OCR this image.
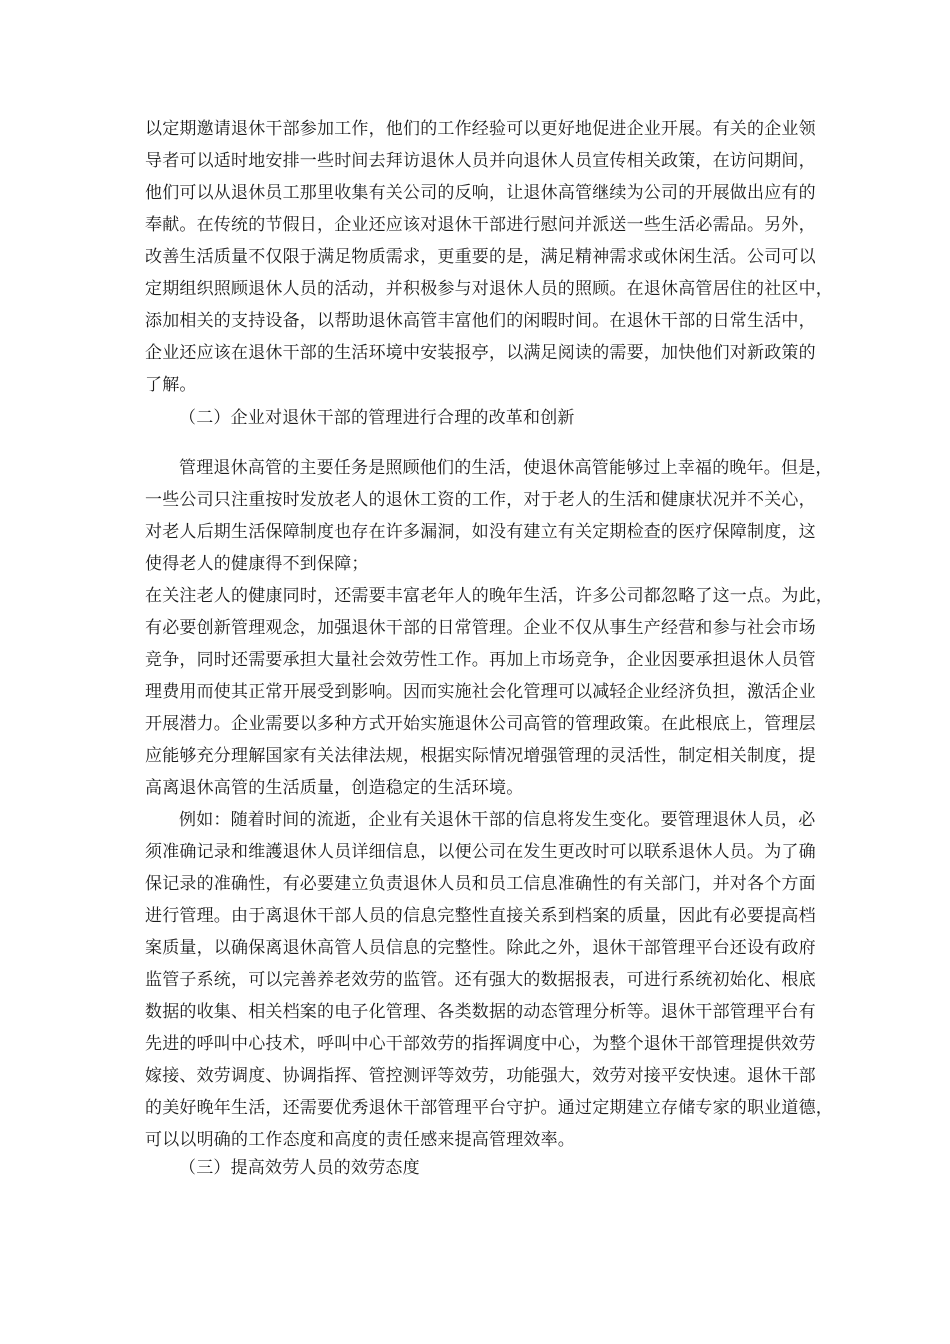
以定期邀请退休干部参加工作，他们的工作经验可以更好地促进企业开展。有关的企业领
导者可以适时地安排一些时间去拜访退休人员并向退休人员宣传相关政策，在访问期间，
他们可以从退休员工那里收集有关公司的反响，让退休高管继续为公司的开展做出应有的
奉献。在传统的节假日，企业还应该对退休干部进行慰问并派送一些生活必需品。另外，
改善生活质量不仅限于满足物质需求，更重要的是，满足精神需求或休闲生活。公司可以
定期组织照顾退休人员的活动，并积极参与对退休人员的照顾。在退休高管居住的社区中，
添加相关的支持设备，以帮助退休高管丰富他们的闲暇时间。在退休干部的日常生活中，
企业还应该在退休干部的生活环境中安装报亭，以满足阅读的需要，加快他们对新政策的
了解。
（二）企业对退休干部的管理进行合理的改革和创新
管理退休高管的主要任务是照顾他们的生活，使退休高管能够过上幸福的晚年。但是，
一些公司只注重按时发放老人的退休工资的工作，对于老人的生活和健康状况并不关心，
对老人后期生活保障制度也存在许多漏洞，如没有建立有关定期检查的医疗保障制度，这
使得老人的健康得不到保障；
在关注老人的健康同时，还需要丰富老年人的晚年生活，许多公司都忽略了这一点。为此，
有必要创新管理观念，加强退休干部的日常管理。企业不仅从事生产经营和参与社会市场
竞争，同时还需要承担大量社会效劳性工作。再加上市场竞争，企业因要承担退休人员管
理费用而使其正常开展受到影响。因而实施社会化管理可以减轻企业经济负担，激活企业
开展潜力。企业需要以多种方式开始实施退休公司高管的管理政策。在此根底上，管理层
应能够充分理解国家有关法律法规，根据实际情况增强管理的灵活性，制定相关制度，提
高离退休高管的生活质量，创造稳定的生活环境。
例如：随着时间的流逝，企业有关退休干部的信息将发生变化。要管理退休人员，必
须准确记录和维護退休人员详细信息，以便公司在发生更改时可以联系退休人员。为了确
保记录的准确性，有必要建立负责退休人员和员工信息准确性的有关部门，并对各个方面
进行管理。由于离退休干部人员的信息完整性直接关系到档案的质量，因此有必要提高档
案质量，以确保离退休高管人员信息的完整性。除此之外，退休干部管理平台还设有政府
监管子系统，可以完善养老效劳的监管。还有强大的数据报表，可进行系统初始化、根底
数据的收集、相关档案的电子化管理、各类数据的动态管理分析等。退休干部管理平台有
先进的呼叫中心技术，呼叫中心干部效劳的指挥调度中心，为整个退休干部管理提供效劳
嫁接、效劳调度、协调指挥、管控测评等效劳，功能强大，效劳对接平安快速。退休干部
的美好晚年生活，还需要优秀退休干部管理平台守护。通过定期建立存储专家的职业道德，
可以以明确的工作态度和高度的责任感来提高管理效率。
（三）提高效劳人员的效劳态度
